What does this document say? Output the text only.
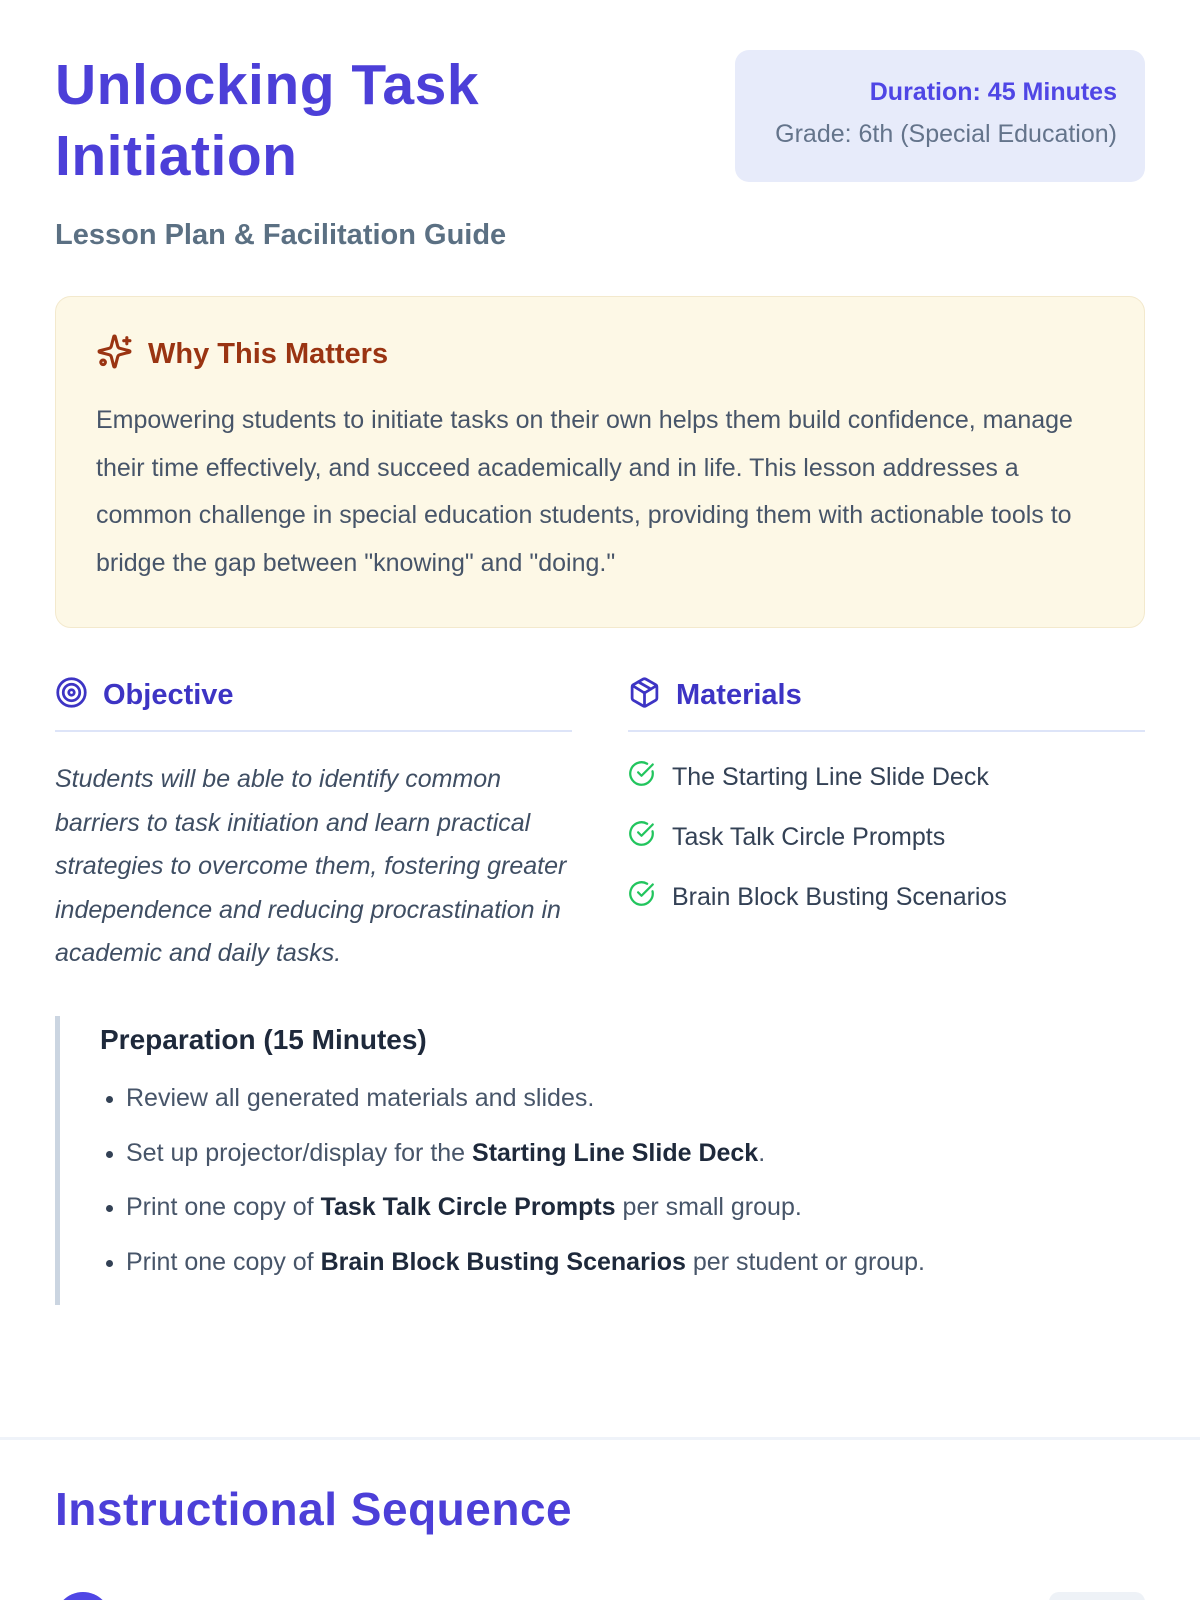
Unlocking Task Initiation
Lesson Plan & Facilitation Guide
Duration: 45 Minutes
Grade: 6th (Special Education)
Why This Matters

Empowering students to initiate tasks on their own helps them build confidence, manage their time effectively, and succeed academically and in life. This lesson addresses a common challenge in special education students, providing them with actionable tools to bridge the gap between "knowing" and "doing."

Objective

Students will be able to identify common barriers to task initiation and learn practical strategies to overcome them, fostering greater independence and reducing procrastination in academic and daily tasks.

Materials
The Starting Line Slide Deck
Task Talk Circle Prompts
Brain Block Busting Scenarios
Preparation (15 Minutes)
• Review all generated materials and slides.
• Set up projector/display for the Starting Line Slide Deck.
• Print one copy of Task Talk Circle Prompts per small group.
• Print one copy of Brain Block Busting Scenarios per student or group.
Instructional Sequence
